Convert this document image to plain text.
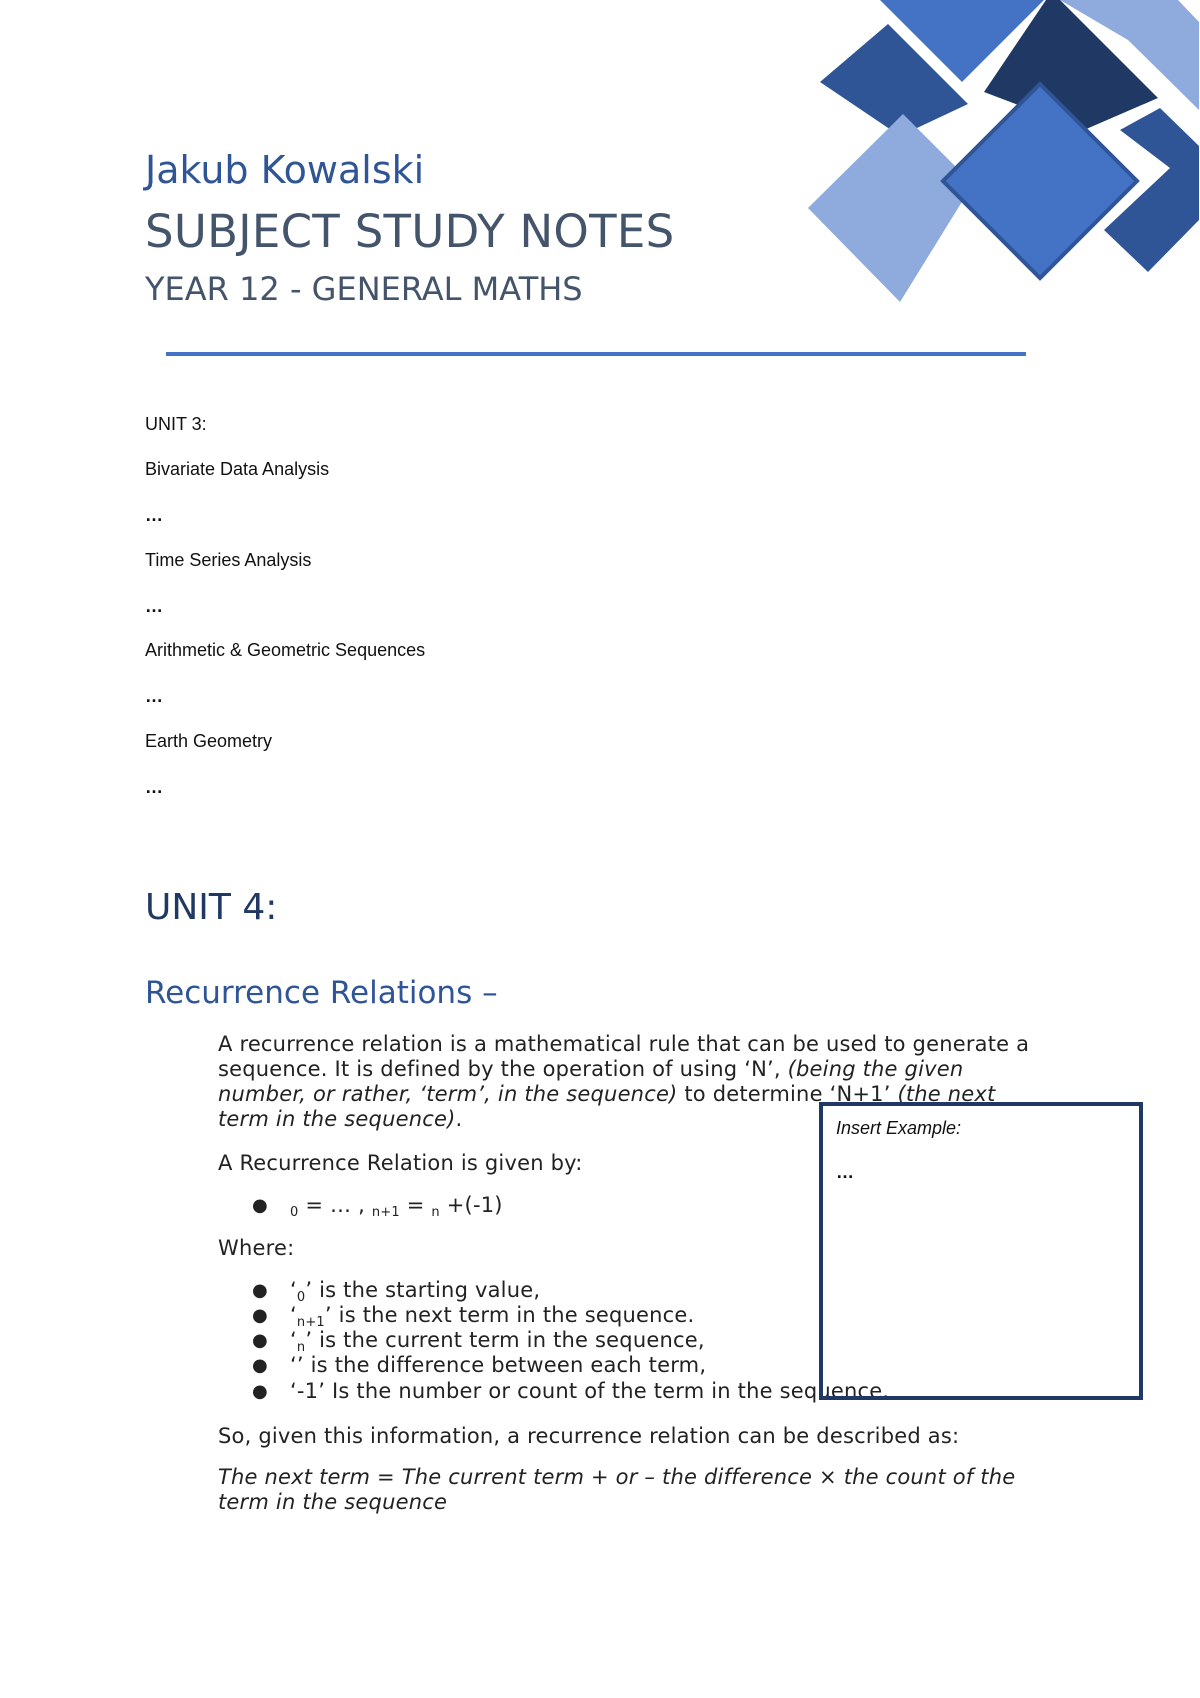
Jakub Kowalski
SUBJECT STUDY NOTES
YEAR 12 - GENERAL MATHS
UNIT 3:
Bivariate Data Analysis
…
Time Series Analysis
…
Arithmetic & Geometric Sequences
…
Earth Geometry
…
UNIT 4:
Recurrence Relations –
A recurrence relation is a mathematical rule that can be used to generate a sequence. It is defined by the operation of using ‘N’, (being the given number, or rather, ‘term’, in the sequence) to determine ‘N+1’ (the next term in the sequence).
A Recurrence Relation is given by:
● $_0$ = … , $_{n+1}$ = $_n$ +(-1)
Where:
● ‘$_0$’ is the starting value,
● ‘$_{n+1}$’ is the next term in the sequence.
● ‘$_n$’ is the current term in the sequence,
● ‘’ is the difference between each term,
● ‘-1’ Is the number or count of the term in the sequence.
So, given this information, a recurrence relation can be described as:
The next term = The current term + or – the difference × the count of the term in the sequence
Insert Example:
…
